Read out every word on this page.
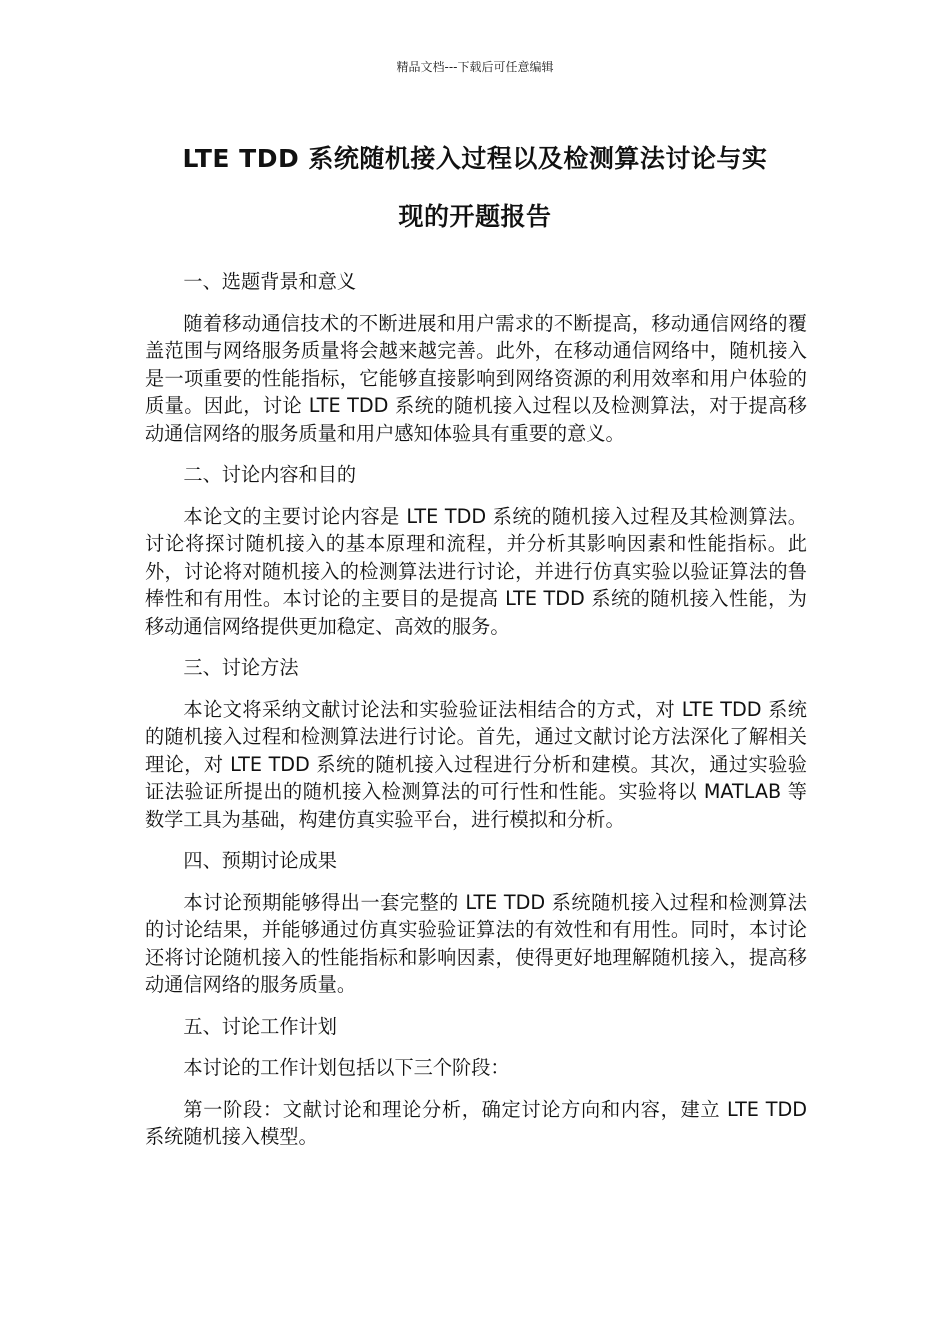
精品文档---下载后可任意编辑
LTE TDD 系统随机接入过程以及检测算法讨论与实
现的开题报告

一、选题背景和意义

随着移动通信技术的不断进展和用户需求的不断提高，移动通信网络的覆盖范围与网络服务质量将会越来越完善。此外，在移动通信网络中，随机接入是一项重要的性能指标，它能够直接影响到网络资源的利用效率和用户体验的质量。因此，讨论 LTE TDD 系统的随机接入过程以及检测算法，对于提高移动通信网络的服务质量和用户感知体验具有重要的意义。

二、讨论内容和目的

本论文的主要讨论内容是 LTE TDD 系统的随机接入过程及其检测算法。讨论将探讨随机接入的基本原理和流程，并分析其影响因素和性能指标。此外，讨论将对随机接入的检测算法进行讨论，并进行仿真实验以验证算法的鲁棒性和有用性。本讨论的主要目的是提高 LTE TDD 系统的随机接入性能，为移动通信网络提供更加稳定、高效的服务。

三、讨论方法

本论文将采纳文献讨论法和实验验证法相结合的方式，对 LTE TDD 系统的随机接入过程和检测算法进行讨论。首先，通过文献讨论方法深化了解相关理论，对 LTE TDD 系统的随机接入过程进行分析和建模。其次，通过实验验证法验证所提出的随机接入检测算法的可行性和性能。实验将以 MATLAB 等数学工具为基础，构建仿真实验平台，进行模拟和分析。

四、预期讨论成果

本讨论预期能够得出一套完整的 LTE TDD 系统随机接入过程和检测算法的讨论结果，并能够通过仿真实验验证算法的有效性和有用性。同时，本讨论还将讨论随机接入的性能指标和影响因素，使得更好地理解随机接入，提高移动通信网络的服务质量。

五、讨论工作计划

本讨论的工作计划包括以下三个阶段：

第一阶段：文献讨论和理论分析，确定讨论方向和内容，建立 LTE TDD 系统随机接入模型。
